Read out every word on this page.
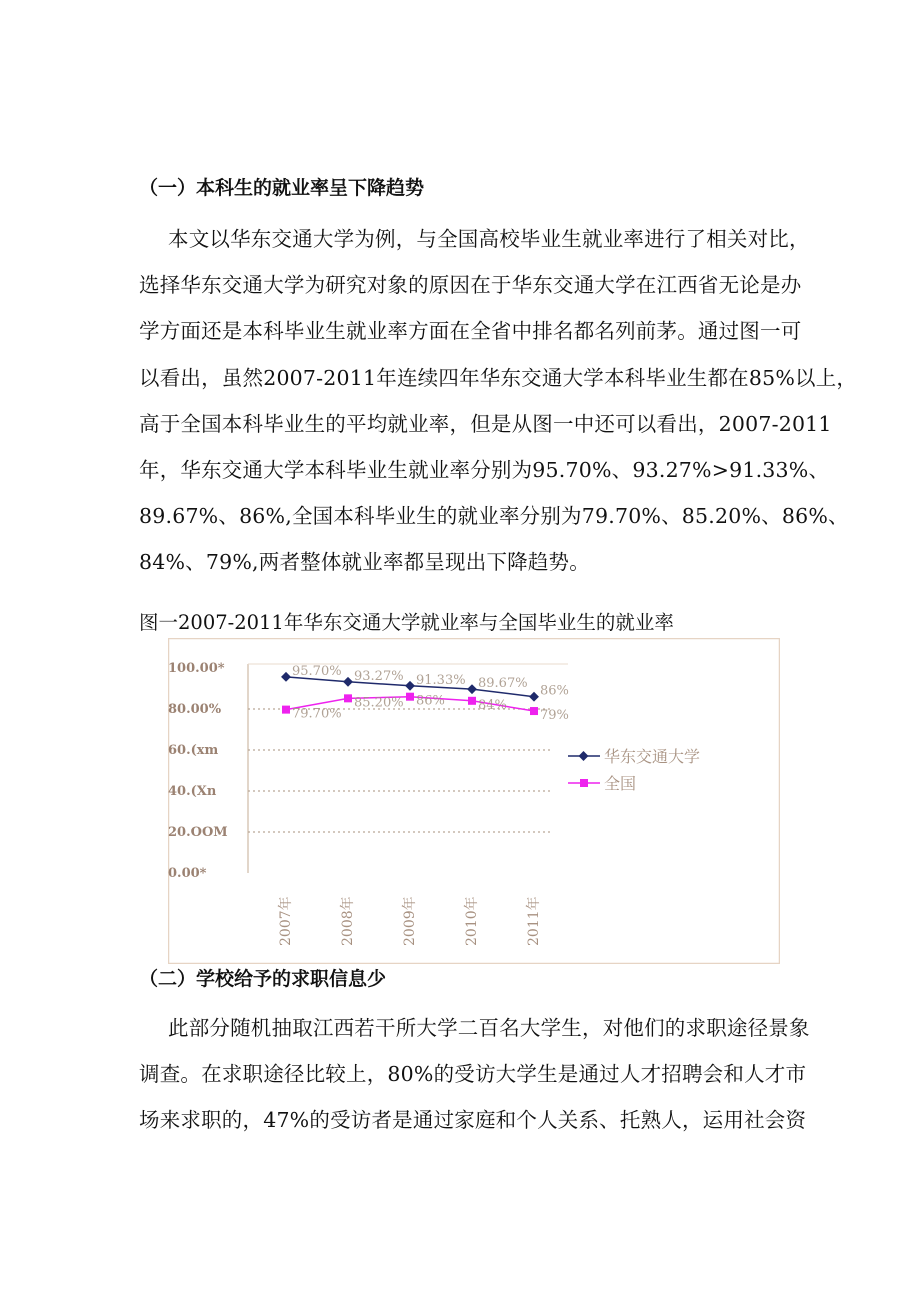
（一）本科生的就业率呈下降趋势
本文以华东交通大学为例，与全国高校毕业生就业率进行了相关对比，
选择华东交通大学为研究对象的原因在于华东交通大学在江西省无论是办
学方面还是本科毕业生就业率方面在全省中排名都名列前茅。通过图一可
以看出，虽然2007-2011年连续四年华东交通大学本科毕业生都在85%以上，
高于全国本科毕业生的平均就业率，但是从图一中还可以看出，2007-2011
年，华东交通大学本科毕业生就业率分别为95.70%、93.27%>91.33%、
89.67%、86%,全国本科毕业生的就业率分别为79.70%、85.20%、86%、
84%、79%,两者整体就业率都呈现出下降趋势。
图一2007-2011年华东交通大学就业率与全国毕业生的就业率
100.00*
80.00%
60.(xm
40.(Xn
20.OOM
0.00*
2007年	2008年	2009年	2010年	2011年
95.70% 93.27% 91.33% 89.67%
86%
79.70%
85.20% 86%	84%
79%
华东交通大学
全国
（二）学校给予的求职信息少
此部分随机抽取江西若干所大学二百名大学生，对他们的求职途径景象
调查。在求职途径比较上，80%的受访大学生是通过人才招聘会和人才市
场来求职的，47%的受访者是通过家庭和个人关系、托熟人，运用社会资
